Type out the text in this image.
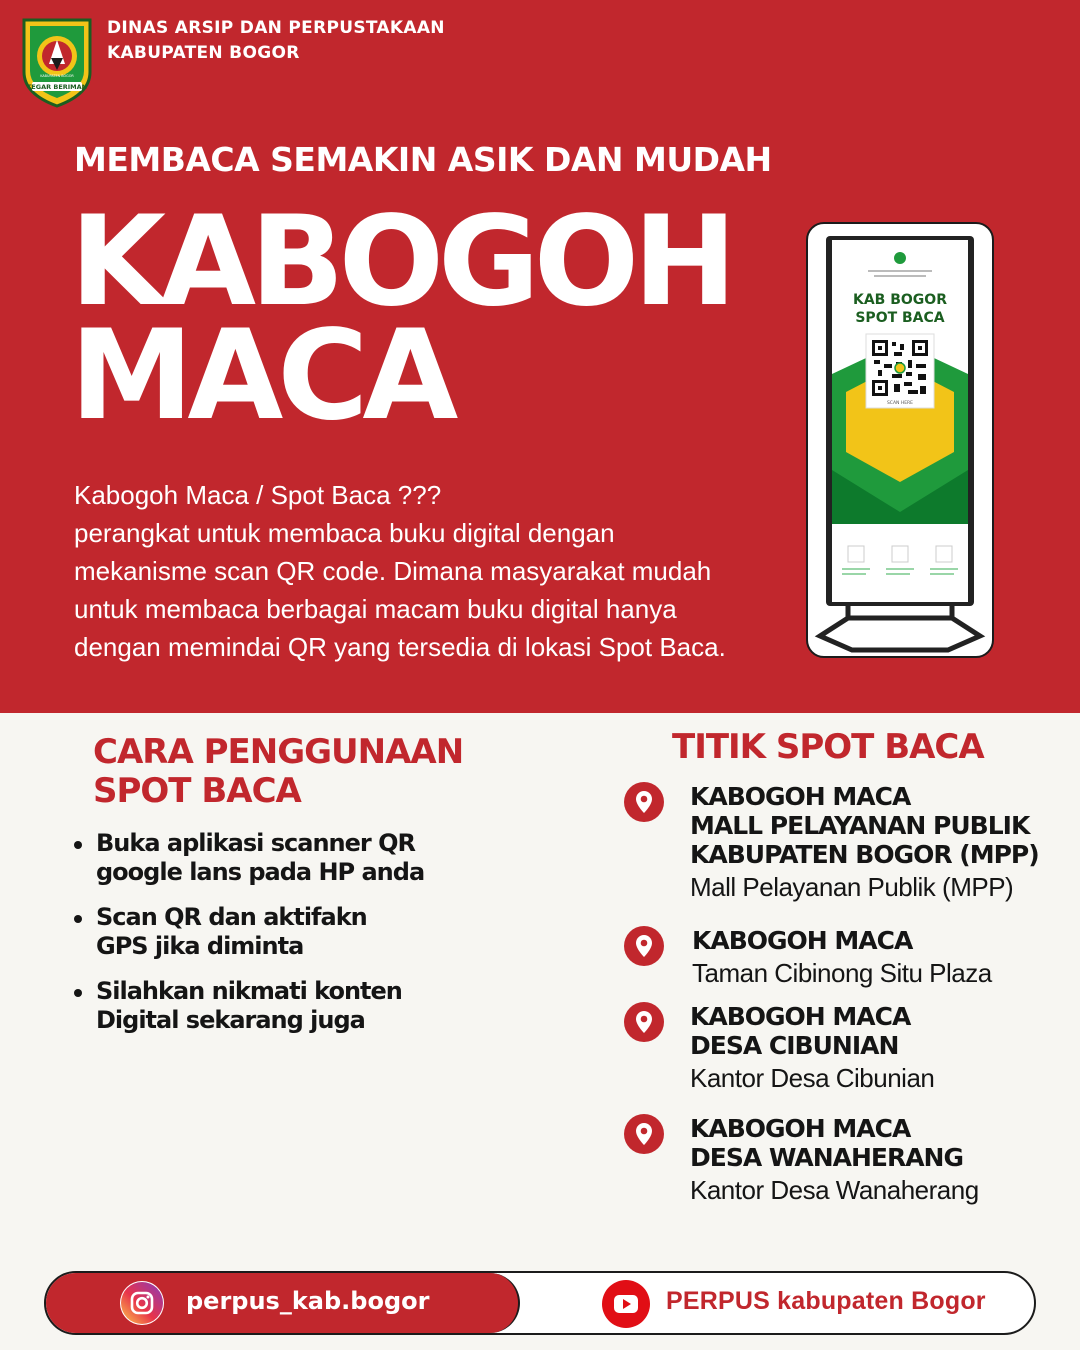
TEGAR BERIMAN
KABUPATEN BOGOR
DINAS ARSIP DAN PERPUSTAKAAN
KABUPATEN BOGOR
MEMBACA SEMAKIN ASIK DAN MUDAH
KABOGOH
MACA
Kabogoh Maca / Spot Baca ???
perangkat untuk membaca buku digital dengan
mekanisme scan QR code. Dimana masyarakat mudah
untuk membaca berbagai macam buku digital hanya
dengan memindai QR yang tersedia di lokasi Spot Baca.
KAB BOGOR
SPOT BACA
SCAN HERE
Cara Penggunaan Spot Baca
CARA PENGGUNAAN
SPOT BACA
Buka aplikasi scanner QR
google lans pada HP anda
Scan QR dan aktifakn
GPS jika diminta
Silahkan nikmati konten
Digital sekarang juga
TITIK SPOT BACA
KABOGOH MACA
MALL PELAYANAN PUBLIK
KABUPATEN BOGOR (MPP)
Mall Pelayanan Publik (MPP)
KABOGOH MACA
Taman Cibinong Situ Plaza
KABOGOH MACA
DESA CIBUNIAN
Kantor Desa Cibunian
KABOGOH MACA
DESA WANAHERANG
Kantor Desa Wanaherang
perpus_kab.bogor	PERPUS kabupaten Bogor
